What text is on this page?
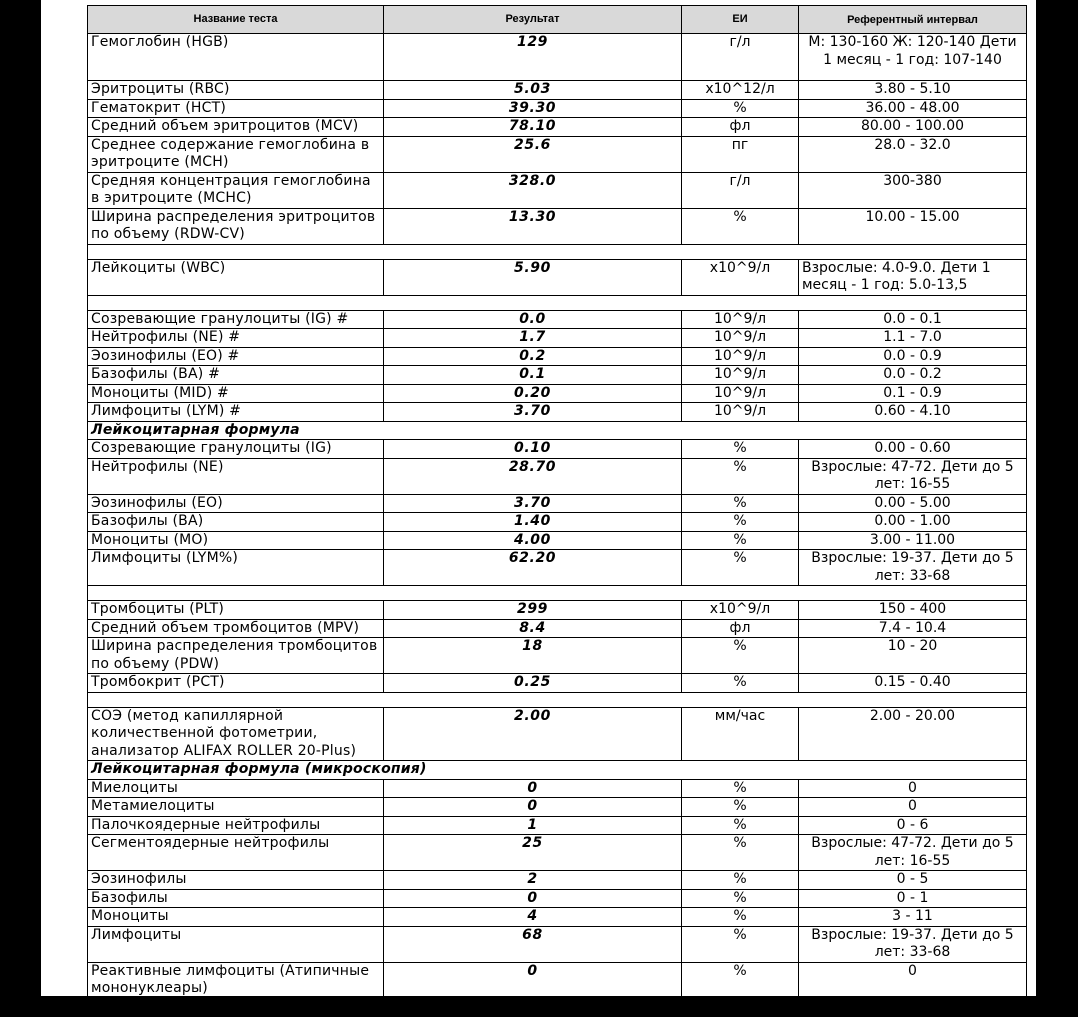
Название теста	Результат	ЕИ	Референтный интервал
Гемоглобин (HGB)	129	г/л	М: 130-160 Ж: 120-140 Дети 1 месяц - 1 год: 107-140
Эритроциты (RBC)	5.03	x10^12/л	3.80 - 5.10
Гематокрит (HCT)	39.30	%	36.00 - 48.00
Средний объем эритроцитов (MCV)	78.10	фл	80.00 - 100.00
Среднее содержание гемоглобина в эритроците (MCH)	25.6	пг	28.0 - 32.0
Средняя концентрация гемоглобина в эритроците (MCHC)	328.0	г/л	300-380
Ширина распределения эритроцитов по объему (RDW-CV)	13.30	%	10.00 - 15.00

Лейкоциты (WBC)	5.90	x10^9/л	Взрослые: 4.0-9.0. Дети 1 месяц - 1 год: 5.0-13,5

Созревающие гранулоциты (IG) #	0.0	10^9/л	0.0 - 0.1
Нейтрофилы (NE) #	1.7	10^9/л	1.1 - 7.0
Эозинофилы (EO) #	0.2	10^9/л	0.0 - 0.9
Базофилы (BA) #	0.1	10^9/л	0.0 - 0.2
Моноциты (MID) #	0.20	10^9/л	0.1 - 0.9
Лимфоциты (LYM) #	3.70	10^9/л	0.60 - 4.10
Лейкоцитарная формула			
Созревающие гранулоциты (IG)	0.10	%	0.00 - 0.60
Нейтрофилы (NE)	28.70	%	Взрослые: 47-72. Дети до 5 лет: 16-55
Эозинофилы (EO)	3.70	%	0.00 - 5.00
Базофилы (BA)	1.40	%	0.00 - 1.00
Моноциты (MO)	4.00	%	3.00 - 11.00
Лимфоциты (LYM%)	62.20	%	Взрослые: 19-37. Дети до 5 лет: 33-68

Тромбоциты (PLT)	299	x10^9/л	150 - 400
Средний объем тромбоцитов (MPV)	8.4	фл	7.4 - 10.4
Ширина распределения тромбоцитов по объему (PDW)	18	%	10 - 20
Тромбокрит (PCT)	0.25	%	0.15 - 0.40

СОЭ (метод капиллярной количественной фотометрии, анализатор ALIFAX ROLLER 20-Plus)	2.00	мм/час	2.00 - 20.00
Лейкоцитарная формула (микроскопия)			
Миелоциты	0	%	0
Метамиелоциты	0	%	0
Палочкоядерные нейтрофилы	1	%	0 - 6
Сегментоядерные нейтрофилы	25	%	Взрослые: 47-72. Дети до 5 лет: 16-55
Эозинофилы	2	%	0 - 5
Базофилы	0	%	0 - 1
Моноциты	4	%	3 - 11
Лимфоциты	68	%	Взрослые: 19-37. Дети до 5 лет: 33-68
Реактивные лимфоциты (Атипичные мононуклеары)	0	%	0
Плазматические клетки	0	%	0
